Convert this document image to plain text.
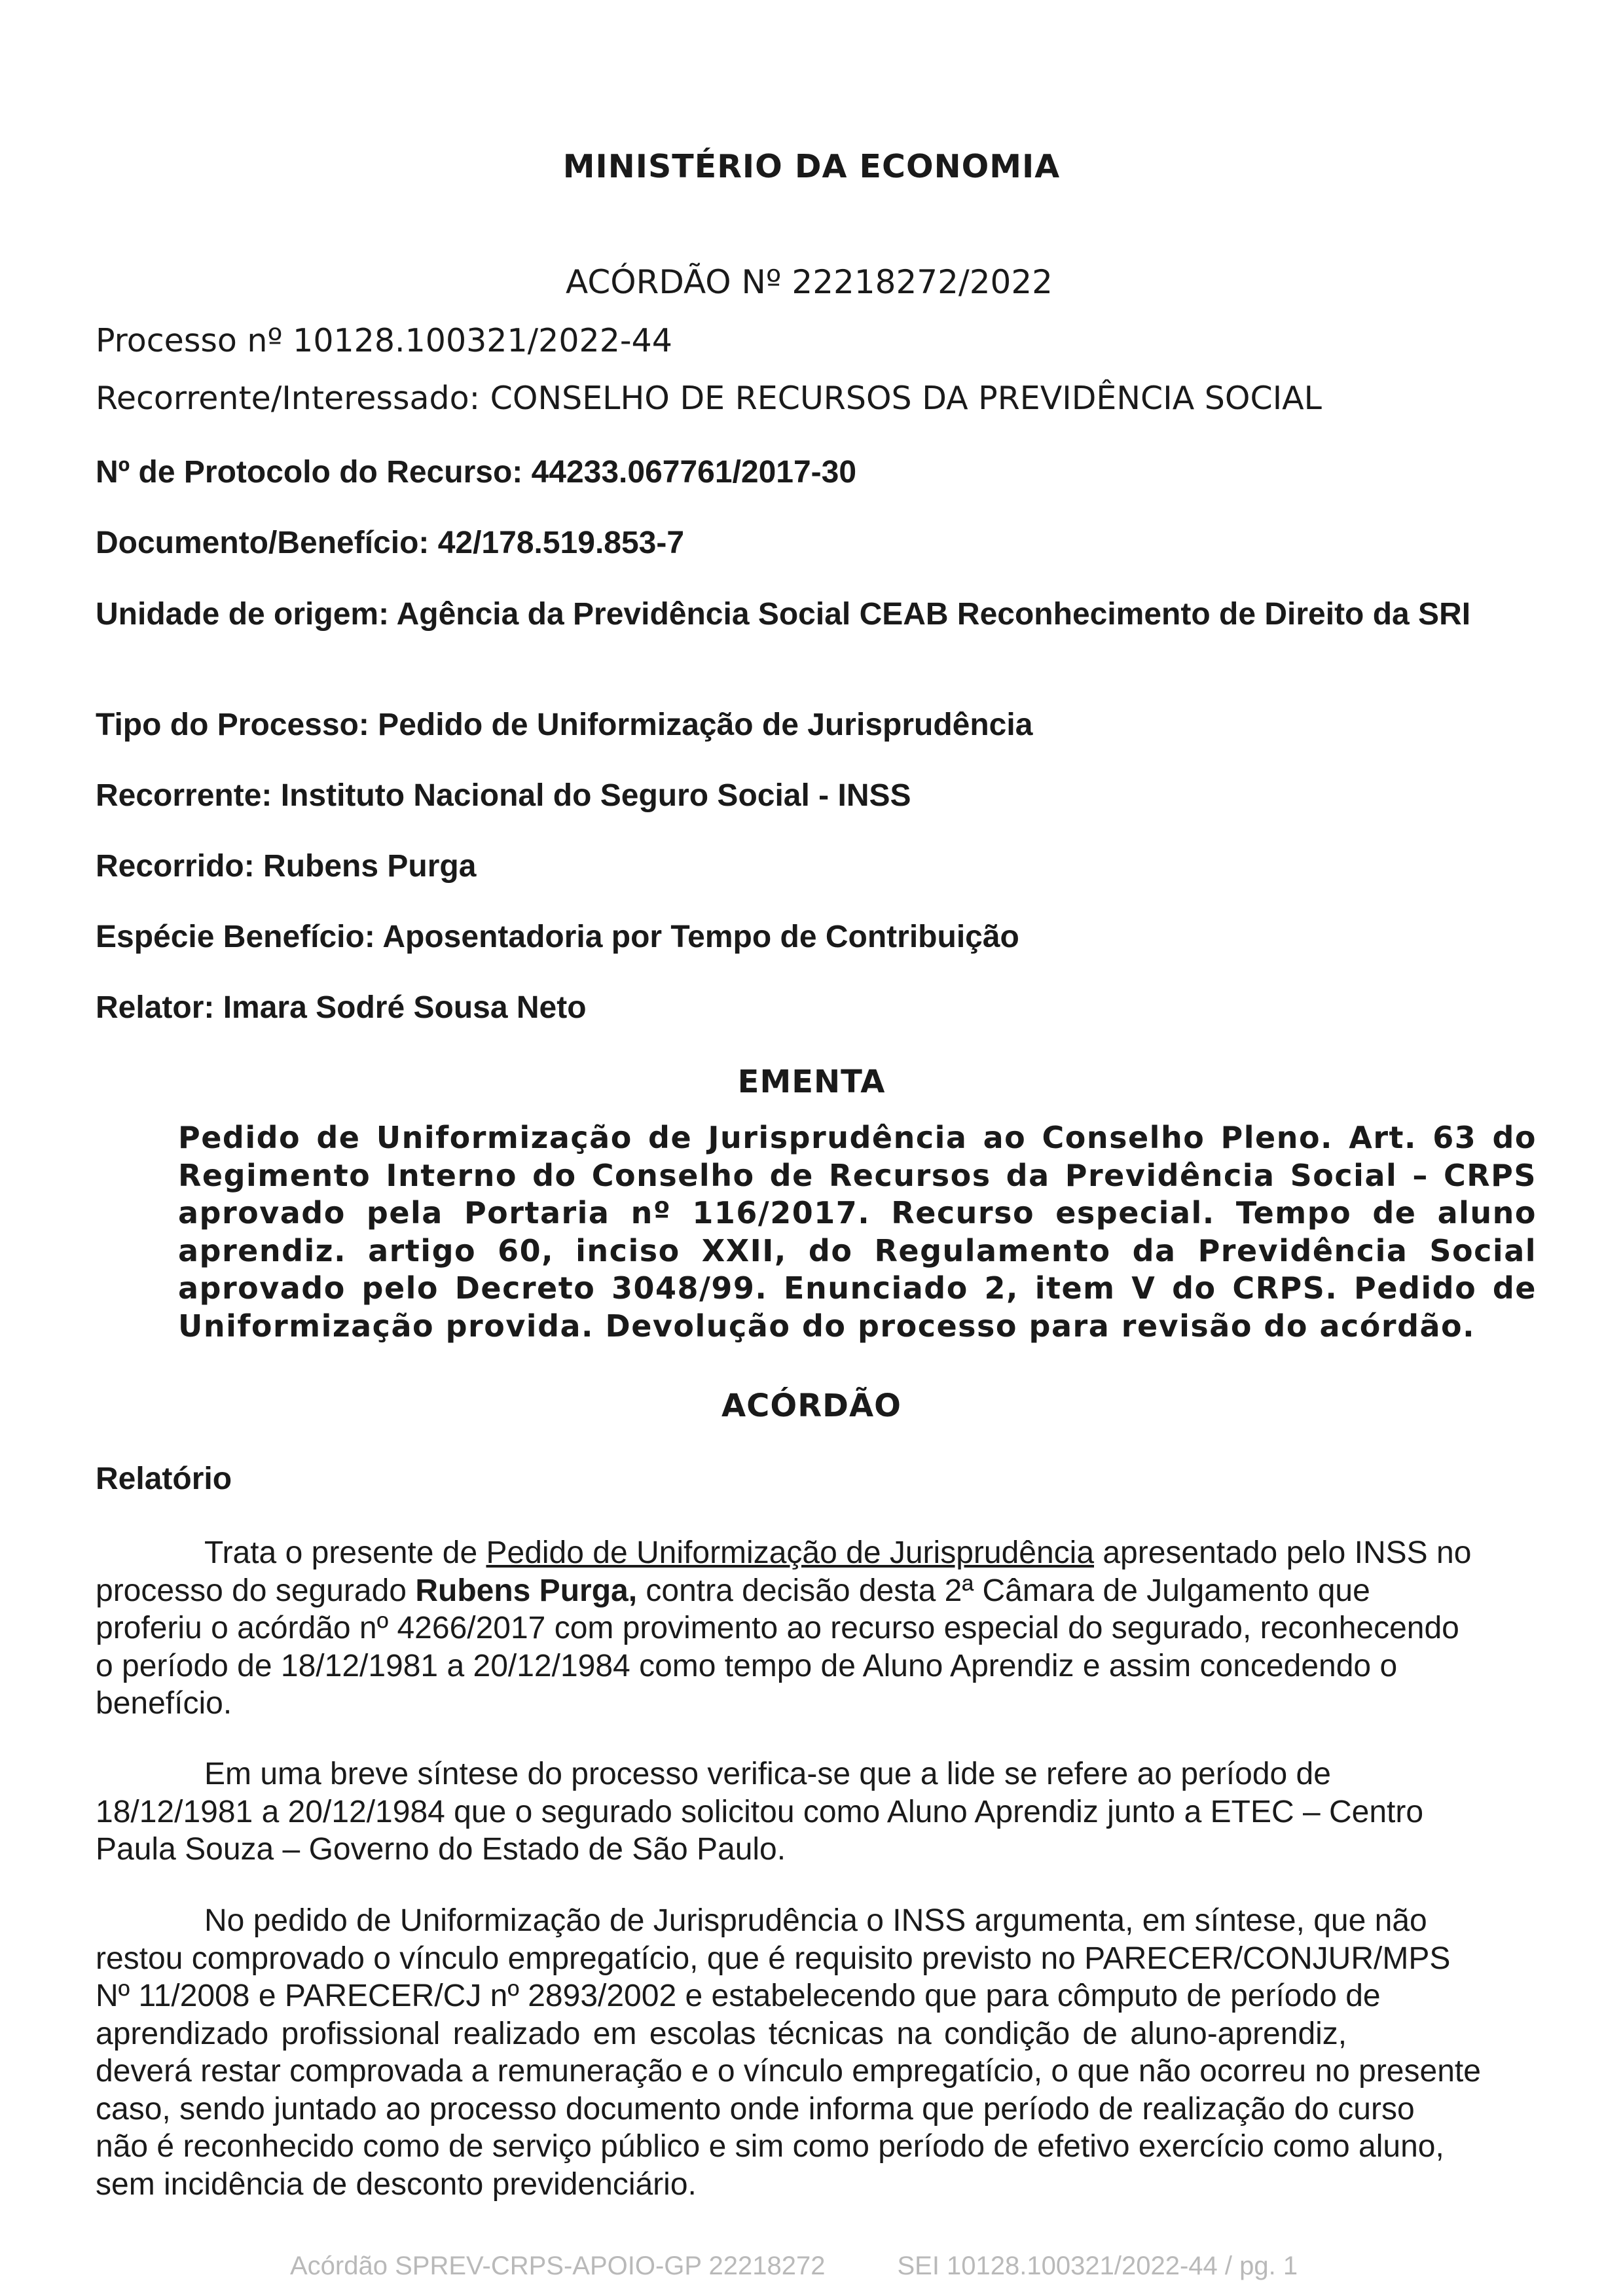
MINISTÉRIO DA ECONOMIA
ACÓRDÃO Nº 22218272/2022
Processo nº 10128.100321/2022-44
Recorrente/Interessado: CONSELHO DE RECURSOS DA PREVIDÊNCIA SOCIAL
Nº de Protocolo do Recurso: 44233.067761/2017-30
Documento/Benefício: 42/178.519.853-7
Unidade de origem: Agência da Previdência Social CEAB Reconhecimento de Direito da SRI
Tipo do Processo: Pedido de Uniformização de Jurisprudência
Recorrente: Instituto Nacional do Seguro Social - INSS
Recorrido: Rubens Purga
Espécie Benefício: Aposentadoria por Tempo de Contribuição
Relator: Imara Sodré Sousa Neto
EMENTA
Pedido de Uniformização de Jurisprudência ao Conselho Pleno. Art. 63 do
Regimento Interno do Conselho de Recursos da Previdência Social – CRPS
aprovado pela Portaria nº 116/2017. Recurso especial. Tempo de aluno
aprendiz. artigo 60, inciso XXII, do Regulamento da Previdência Social
aprovado pelo Decreto 3048/99. Enunciado 2, item V do CRPS. Pedido de
Uniformização provida. Devolução do processo para revisão do acórdão.
ACÓRDÃO
Relatório
Trata o presente de Pedido de Uniformização de Jurisprudência apresentado pelo INSS no
processo do segurado Rubens Purga, contra decisão desta 2ª Câmara de Julgamento que
proferiu o acórdão nº 4266/2017 com provimento ao recurso especial do segurado, reconhecendo
o período de 18/12/1981 a 20/12/1984 como tempo de Aluno Aprendiz e assim concedendo o
benefício.
Em uma breve síntese do processo verifica-se que a lide se refere ao período de
18/12/1981 a 20/12/1984 que o segurado solicitou como Aluno Aprendiz junto a ETEC – Centro
Paula Souza – Governo do Estado de São Paulo.
No pedido de Uniformização de Jurisprudência o INSS argumenta, em síntese, que não
restou comprovado o vínculo empregatício, que é requisito previsto no PARECER/CONJUR/MPS
Nº 11/2008 e PARECER/CJ nº 2893/2002 e estabelecendo que para cômputo de período de
aprendizado profissional realizado em escolas técnicas na condição de aluno-aprendiz,
deverá restar comprovada a remuneração e o vínculo empregatício, o que não ocorreu no presente
caso, sendo juntado ao processo documento onde informa que período de realização do curso
não é reconhecido como de serviço público e sim como período de efetivo exercício como aluno,
sem incidência de desconto previdenciário.
Acórdão SPREV-CRPS-APOIO-GP 22218272	SEI 10128.100321/2022-44 / pg. 1
